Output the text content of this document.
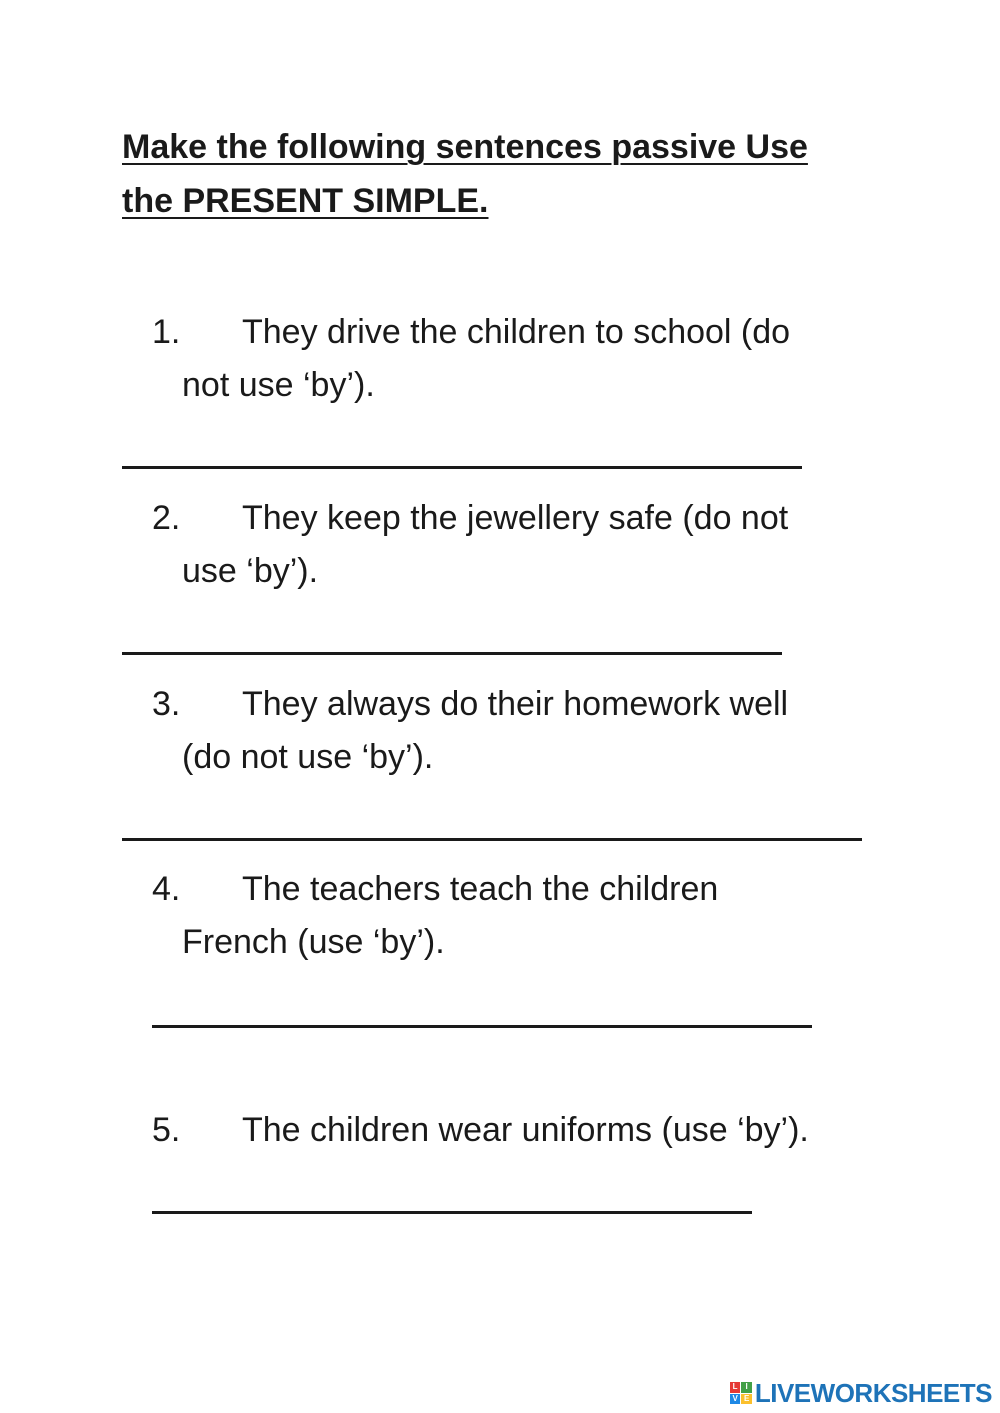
Make the following sentences passive Use the PRESENT SIMPLE.
1. They drive the children to school (do
not use ‘by’).
2. They keep the jewellery safe (do not
use ‘by’).
3. They always do their homework well
(do not use ‘by’).
4. The teachers teach the children
French (use ‘by’).
5. The children wear uniforms (use ‘by’).
L I
V E LIVEWORKSHEETS
